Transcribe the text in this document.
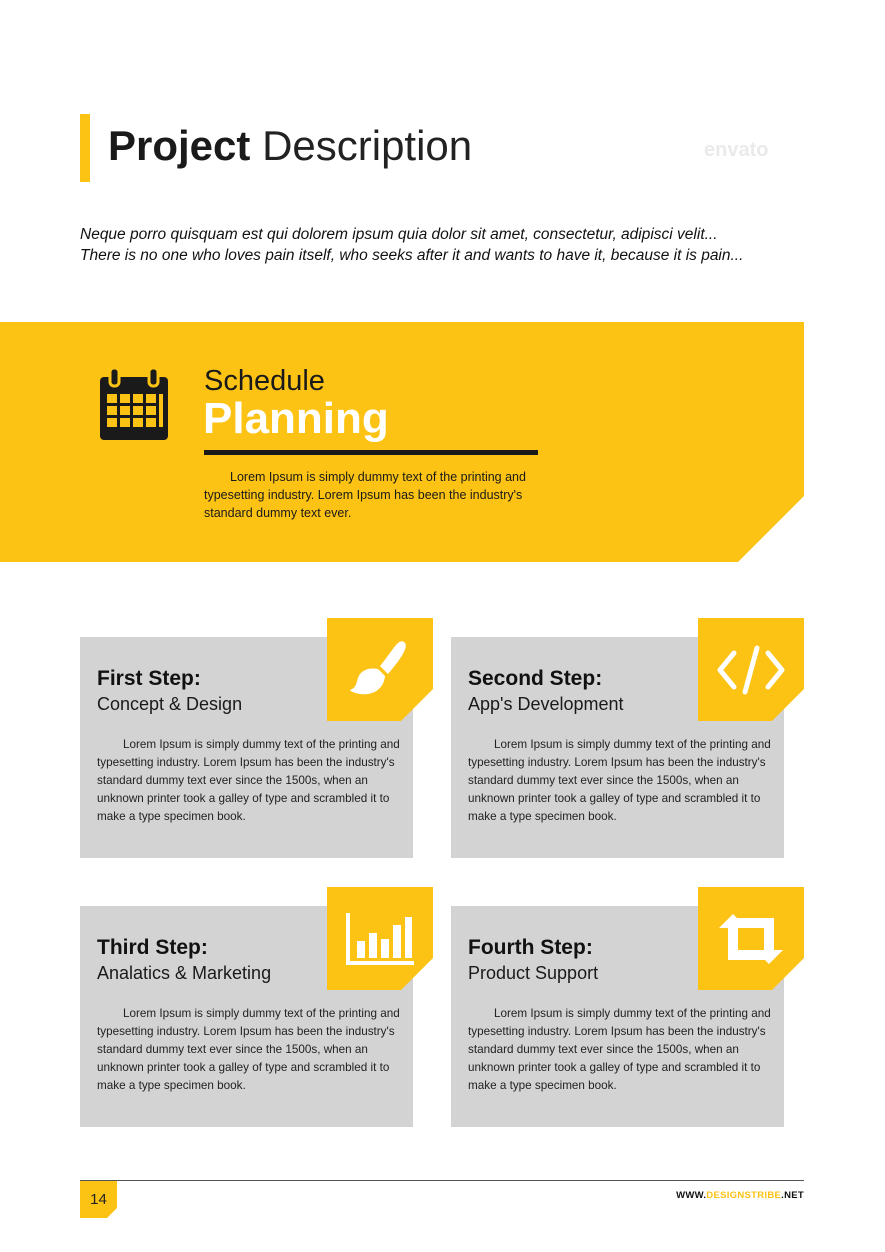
envato
Project Description
Neque porro quisquam est qui dolorem ipsum quia dolor sit amet, consectetur, adipisci velit...
There is no one who loves pain itself, who seeks after it and wants to have it, because it is pain...
Schedule
Planning
Lorem Ipsum is simply dummy text of the printing and typesetting industry. Lorem Ipsum has been the industry's standard dummy text ever.
First Step:
Concept & Design
Lorem Ipsum is simply dummy text of the printing and typesetting industry. Lorem Ipsum has been the industry's standard dummy text ever since the 1500s, when an unknown printer took a galley of type and scrambled it to make a type specimen book.
Second Step:
App's Development
Lorem Ipsum is simply dummy text of the printing and typesetting industry. Lorem Ipsum has been the industry's standard dummy text ever since the 1500s, when an unknown printer took a galley of type and scrambled it to make a type specimen book.
Third Step:
Analatics & Marketing
Lorem Ipsum is simply dummy text of the printing and typesetting industry. Lorem Ipsum has been the industry's standard dummy text ever since the 1500s, when an unknown printer took a galley of type and scrambled it to make a type specimen book.
Fourth Step:
Product Support
Lorem Ipsum is simply dummy text of the printing and typesetting industry. Lorem Ipsum has been the industry's standard dummy text ever since the 1500s, when an unknown printer took a galley of type and scrambled it to make a type specimen book.
14	WWW.DESIGNSTRIBE.NET
